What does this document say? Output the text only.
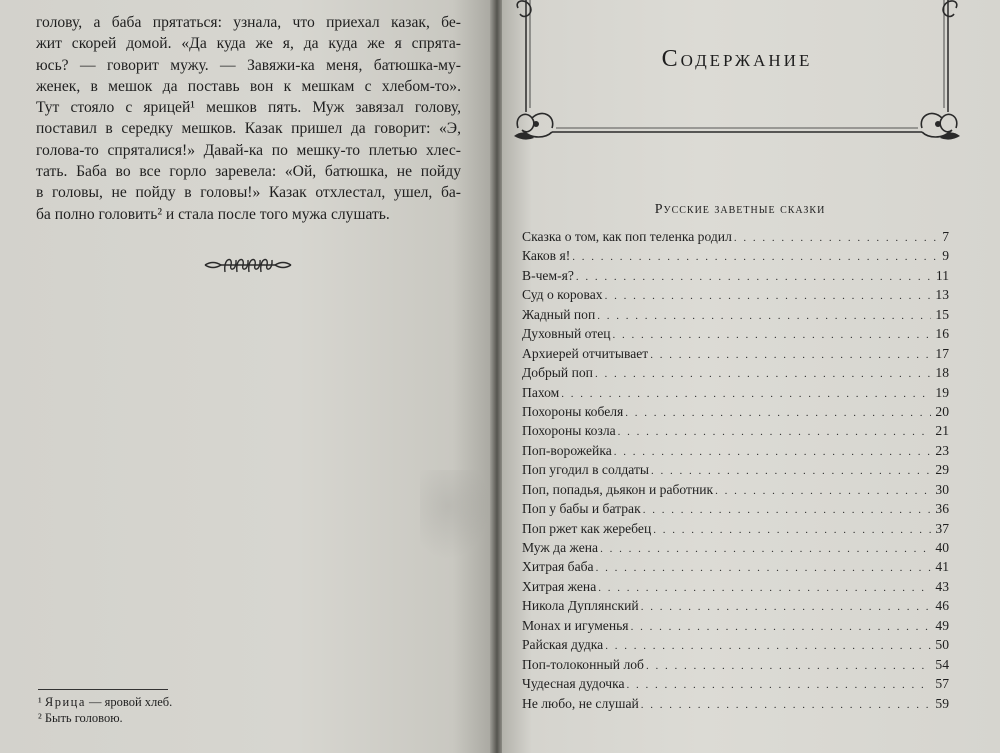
голову, а баба прятаться: узнала, что приехал казак, бе-
жит скорей домой. «Да куда же я, да куда же я спрята-
юсь? — говорит мужу. — Завяжи-ка меня, батюшка-му-
женек, в мешок да поставь вон к мешкам с хлебом-то».
Тут стояло с ярицей¹ мешков пять. Муж завязал голову,
поставил в середку мешков. Казак пришел да говорит: «Э,
голова-то спряталися!» Давай-ка по мешку-то плетью хлес-
тать. Баба во все горло заревела: «Ой, батюшка, не пойду
в головы, не пойду в головы!» Казак отхлестал, ушел, ба-
ба полно головить² и стала после того мужа слушать.

¹ Ярица — яровой хлеб.
² Быть головою.
Содержание
Русские заветные сказки
Сказка о том, как поп теленка родил . . .	7
Каков я! . . .	9
В-чем-я? . . .	11
Суд о коровах . . .	13
Жадный поп . . .	15
Духовный отец . . .	16
Архиерей отчитывает . . .	17
Добрый поп . . .	18
Пахом . . .	19
Похороны кобеля . . .	20
Похороны козла . . .	21
Поп-ворожейка . . .	23
Поп угодил в солдаты . . .	29
Поп, попадья, дьякон и работник . . .	30
Поп у бабы и батрак . . .	36
Поп ржет как жеребец . . .	37
Муж да жена . . .	40
Хитрая баба . . .	41
Хитрая жена . . .	43
Никола Дуплянский . . .	46
Монах и игуменья . . .	49
Райская дудка . . .	50
Поп-толоконный лоб . . .	54
Чудесная дудочка . . .	57
Не любо, не слушай . . .	59
